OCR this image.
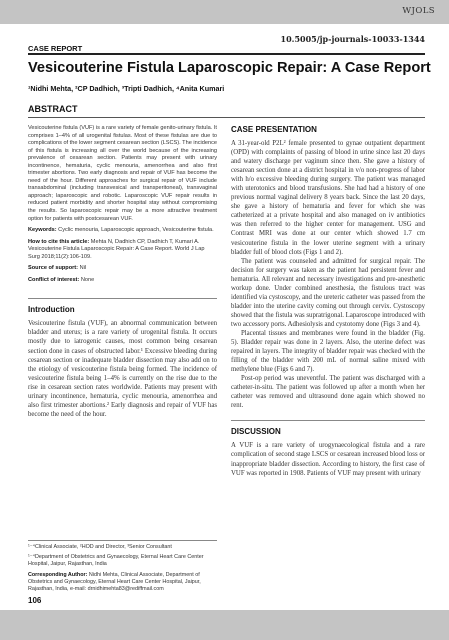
WJOLS
CASE REPORT
10.5005/jp-journals-10033-1344
Vesicouterine Fistula Laparoscopic Repair: A Case Report
¹Nidhi Mehta, ²CP Dadhich, ³Tripti Dadhich, ⁴Anita Kumari
ABSTRACT

Vesicouterine fistula (VUF) is a rare variety of female genito-urinary fistula. It comprises 1–4% of all urogenital fistulas. Most of these fistulas are due to complications of the lower segment cesarean section (LSCS). The incidence of this fistula is increasing all over the world because of the increasing prevalence of cesarean section. Patients may present with urinary incontinence, hematuria, cyclic menouria, amenorrhea and also first trimester abortions. Two early diagnosis and repair of VUF has become the need of the hour. Different approaches for surgical repair of VUF include transabdominal (including transvesical and transperitoneal), transvaginal approach; laparoscopic and robotic. Laparoscopic VUF repair results in reduced patient morbidity and shorter hospital stay without compromising the results. So laparoscopic repair may be a more attractive treatment option for patients with postcesarean VUF.

Keywords: Cyclic menouria, Laparoscopic approach, Vesicouterine fistula.

How to cite this article: Mehta N, Dadhich CP, Dadhich T, Kumari A. Vesicouterine Fistula Laparoscopic Repair: A Case Report. World J Lap Surg 2018;11(2):106-109.

Source of support: Nil

Conflict of interest: None

Introduction

Vesicouterine fistula (VUF), an abnormal communication between bladder and uterus; is a rare variety of urogenital fistula. It occurs mostly due to iatrogenic causes, most common being cesarean section done in cases of obstructed labor.¹ Excessive bleeding during cesarean section or inadequate bladder dissection may also add on to the etiology of vesicouterine fistula being formed. The incidence of vesicouterine fistula being 1–4% is currently on the rise due to the rise in cesarean section rates worldwide. Patients may present with urinary incontinence, hematuria, cyclic menouria, amenorrhea and also first trimester abortions.² Early diagnosis and repair of VUF has become the need of the hour.

¹⁻⁴Clinical Associate, ²HOD and Director, ³Senior Consultant

¹⁻⁴Department of Obstetrics and Gynaecology, Eternal Heart Care Center Hospital, Jaipur, Rajasthan, India

Corresponding Author: Nidhi Mehta, Clinical Associate, Department of Obstetrics and Gynaecology, Eternal Heart Care Center Hospital, Jaipur, Rajasthan, India, e-mail: drnidhimehta83@rediffmail.com

106
CASE PRESENTATION

A 31-year-old P2L² female presented to gynae outpatient department (OPD) with complaints of passing of blood in urine since last 20 days and watery discharge per vaginum since then. She gave a history of cesarean section done at a district hospital in v/o non-progress of labor with h/o excessive bleeding during surgery. The patient was managed with uterotonics and blood transfusions. She had had a history of one previous normal vaginal delivery 8 years back. Since the last 20 days, she gave a history of hematuria and fever for which she was catheterized at a private hospital and also managed on iv antibiotics was then referred to the higher center for management. USG and Contrast MRI was done at our center which showed 1.7 cm vesicouterine fistula in the lower uterine segment with a urinary bladder full of blood clots (Figs 1 and 2).

The patient was counseled and admitted for surgical repair. The decision for surgery was taken as the patient had persistent fever and hematuria. All relevant and necessary investigations and pre-anesthetic workup done. Under combined anesthesia, the fistulous tract was identified via cystoscopy, and the ureteric catheter was passed from the bladder into the uterine cavity coming out through cervix. Cystoscopy showed that the fistula was supratrigonal. Laparoscope introduced with two accessory ports. Adhesiolysis and cystotomy done (Figs 3 and 4).

Placental tissues and membranes were found in the bladder (Fig. 5). Bladder repair was done in 2 layers. Also, the uterine defect was repaired in layers. The integrity of bladder repair was checked with the filling of the bladder with 200 mL of normal saline mixed with methylene blue (Figs 6 and 7).

Post-op period was uneventful. The patient was discharged with a catheter-in-situ. The patient was followed up after a month when her catheter was removed and ultrasound done again which showed no rent.

DISCUSSION

A VUF is a rare variety of urogynaecological fistula and a rare complication of second stage LSCS or cesarean increased blood loss or inappropriate bladder dissection. According to history, the first case of VUF was reported in 1908. Patients of VUF may present with urinary
